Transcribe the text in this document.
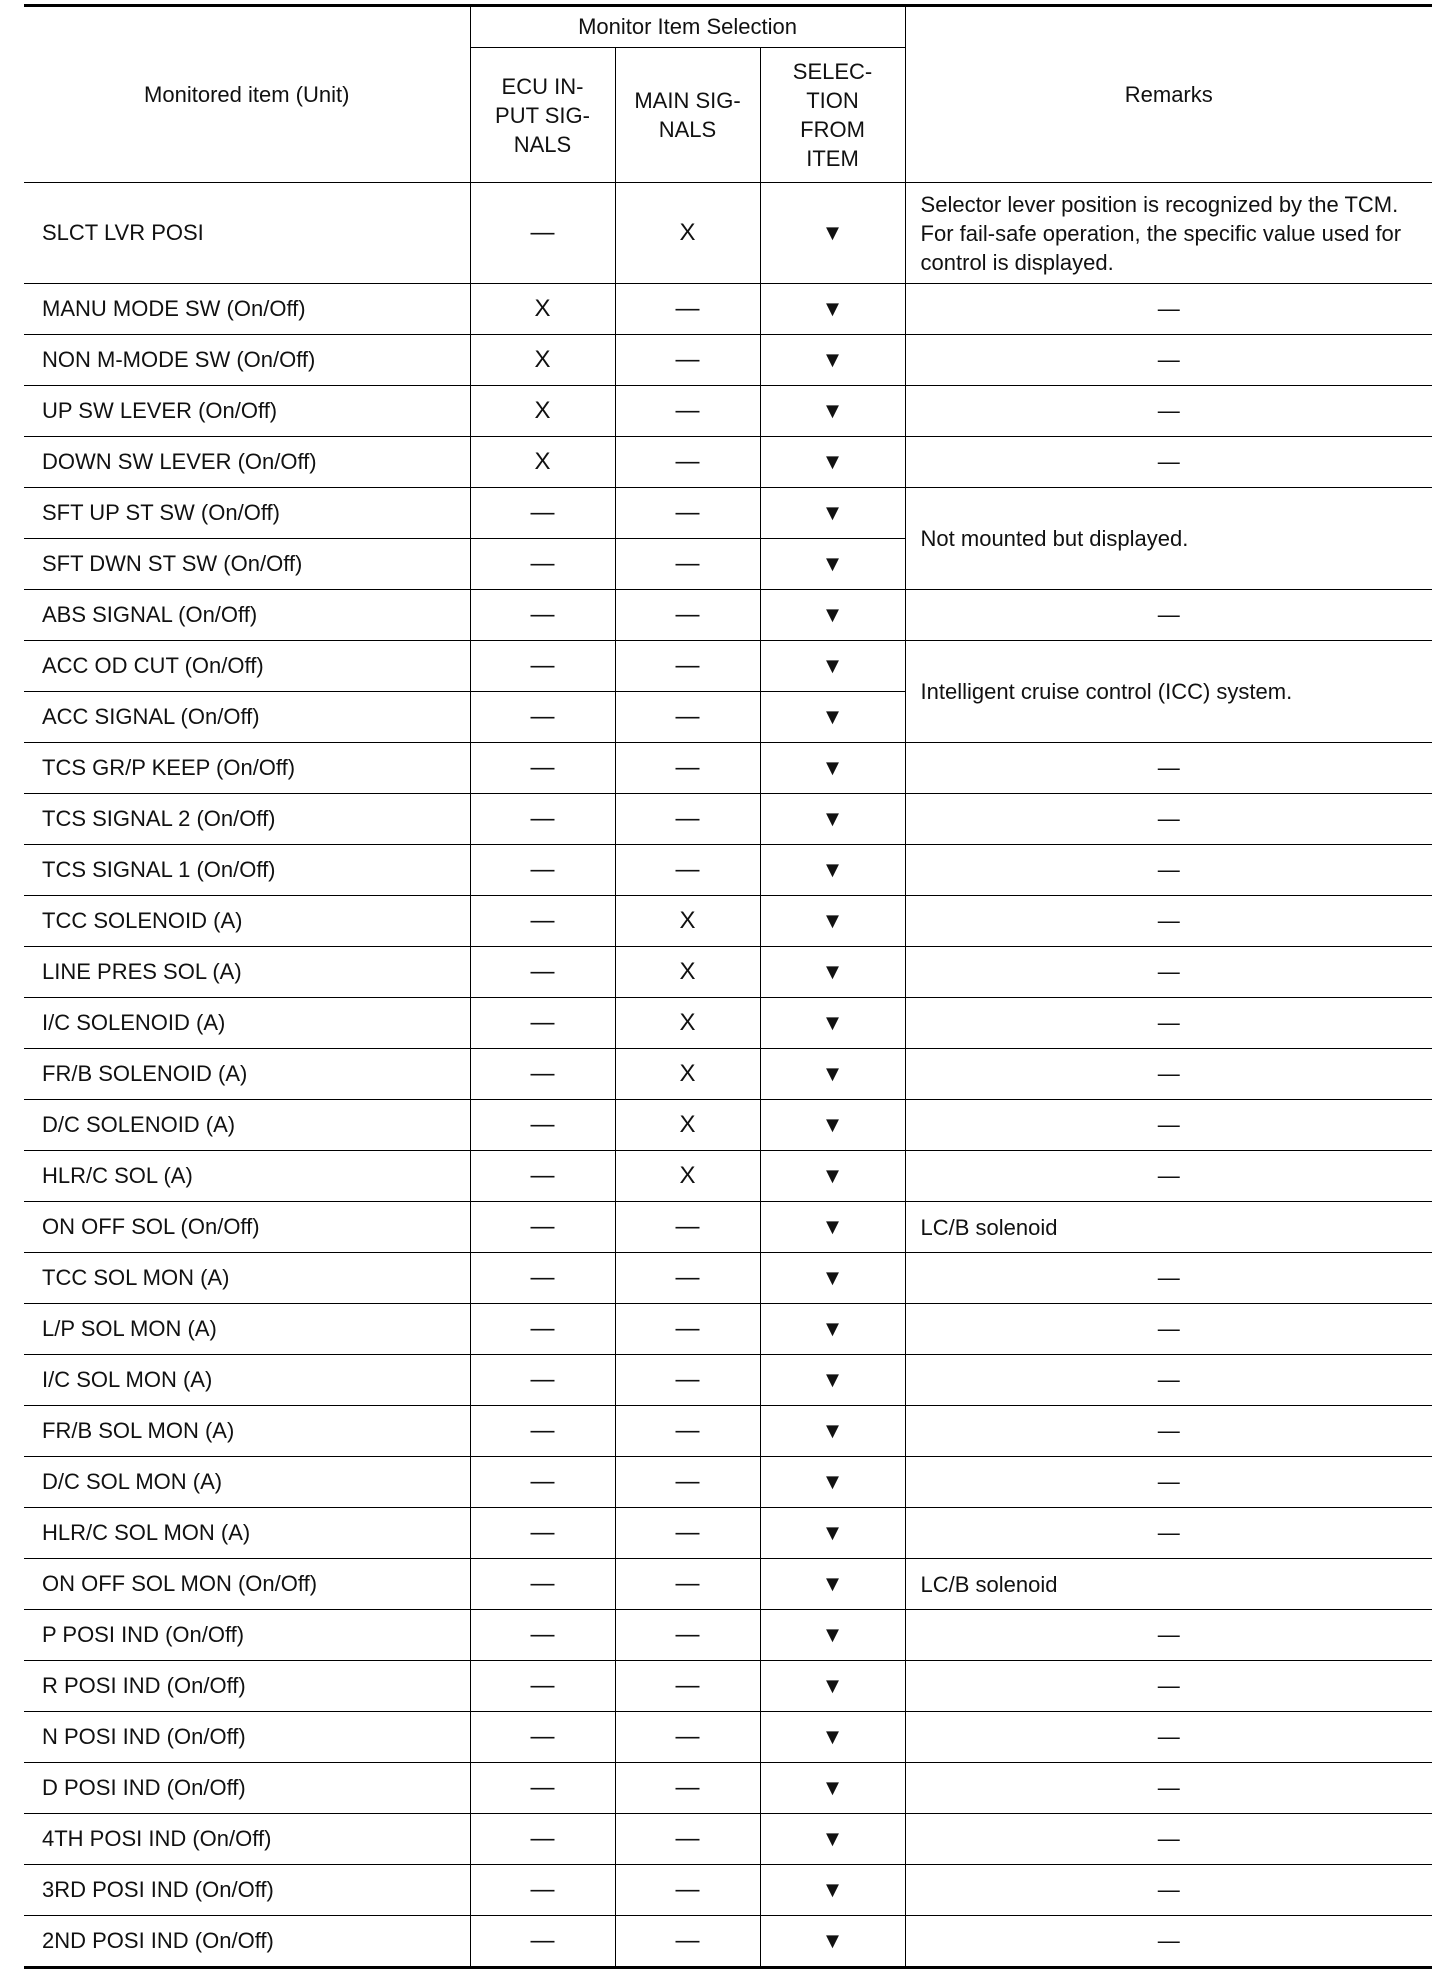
Monitored item (Unit)	Monitor Item Selection			Remarks
	ECU IN-
PUT SIG-
NALS	MAIN SIG-
NALS	SELEC-
TION
FROM
ITEM	
SLCT LVR POSI	—	X	▼	Selector lever position is recognized by the TCM. For fail-safe operation, the specific value used for control is displayed.
MANU MODE SW (On/Off)	X	—	▼	—
NON M-MODE SW (On/Off)	X	—	▼	—
UP SW LEVER (On/Off)	X	—	▼	—
DOWN SW LEVER (On/Off)	X	—	▼	—
SFT UP ST SW (On/Off)	—	—	▼	Not mounted but displayed.
SFT DWN ST SW (On/Off)	—	—	▼	
ABS SIGNAL (On/Off)	—	—	▼	—
ACC OD CUT (On/Off)	—	—	▼	Intelligent cruise control (ICC) system.
ACC SIGNAL (On/Off)	—	—	▼	
TCS GR/P KEEP (On/Off)	—	—	▼	—
TCS SIGNAL 2 (On/Off)	—	—	▼	—
TCS SIGNAL 1 (On/Off)	—	—	▼	—
TCC SOLENOID (A)	—	X	▼	—
LINE PRES SOL (A)	—	X	▼	—
I/C SOLENOID (A)	—	X	▼	—
FR/B SOLENOID (A)	—	X	▼	—
D/C SOLENOID (A)	—	X	▼	—
HLR/C SOL (A)	—	X	▼	—
ON OFF SOL (On/Off)	—	—	▼	LC/B solenoid
TCC SOL MON (A)	—	—	▼	—
L/P SOL MON (A)	—	—	▼	—
I/C SOL MON (A)	—	—	▼	—
FR/B SOL MON (A)	—	—	▼	—
D/C SOL MON (A)	—	—	▼	—
HLR/C SOL MON (A)	—	—	▼	—
ON OFF SOL MON (On/Off)	—	—	▼	LC/B solenoid
P POSI IND (On/Off)	—	—	▼	—
R POSI IND (On/Off)	—	—	▼	—
N POSI IND (On/Off)	—	—	▼	—
D POSI IND (On/Off)	—	—	▼	—
4TH POSI IND (On/Off)	—	—	▼	—
3RD POSI IND (On/Off)	—	—	▼	—
2ND POSI IND (On/Off)	—	—	▼	—
